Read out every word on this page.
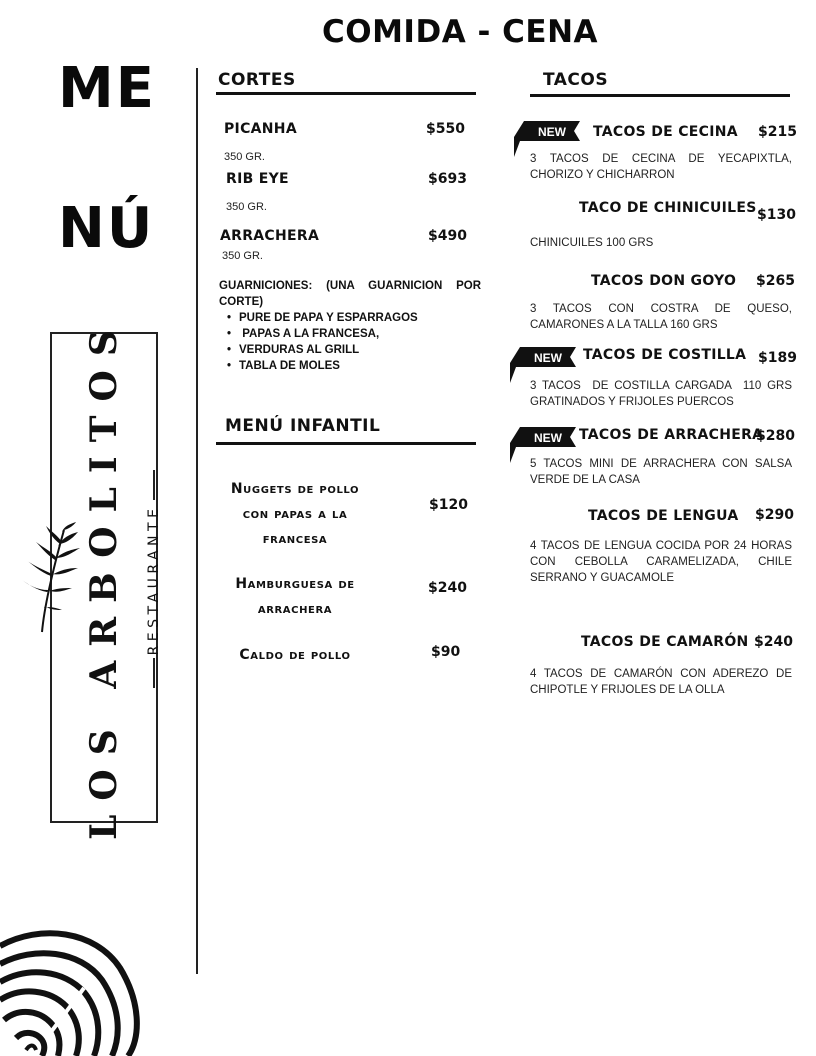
COMIDA - CENA
ME
NÚ
LOS ARBOLITOS RESTAURANTE
CORTES
PICANHA	$550
350 GR.
RIB EYE	$693
350 GR.
ARRACHERA	$490
350 GR.
GUARNICIONES: (UNA GUARNICION POR CORTE)
• PURE DE PAPA Y ESPARRAGOS
•  PAPAS A LA FRANCESA,
• VERDURAS AL GRILL
• TABLA DE MOLES
MENÚ INFANTIL
Nuggets de pollo
con papas a la
francesa
$120
Hamburguesa de
arrachera
$240
Caldo de pollo	$90
TACOS
NEW
NEW
NEW
TACOS DE CECINA $215
3 TACOS DE CECINA DE YECAPIXTLA, CHORIZO Y CHICHARRON
TACO DE CHINICUILES $130
CHINICUILES 100 GRS
TACOS DON GOYO $265
3 TACOS CON COSTRA DE QUESO, CAMARONES A LA TALLA 160 GRS
TACOS DE COSTILLA $189
3 TACOS  DE COSTILLA CARGADA  110 GRS GRATINADOS Y FRIJOLES PUERCOS
TACOS DE ARRACHERA
$280
5 TACOS MINI DE ARRACHERA CON SALSA VERDE DE LA CASA
TACOS DE LENGUA $290
4 TACOS DE LENGUA COCIDA POR 24 HORAS CON CEBOLLA CARAMELIZADA, CHILE SERRANO Y GUACAMOLE
TACOS DE CAMARÓN $240
4 TACOS DE CAMARÓN CON ADEREZO DE CHIPOTLE Y FRIJOLES DE LA OLLA
